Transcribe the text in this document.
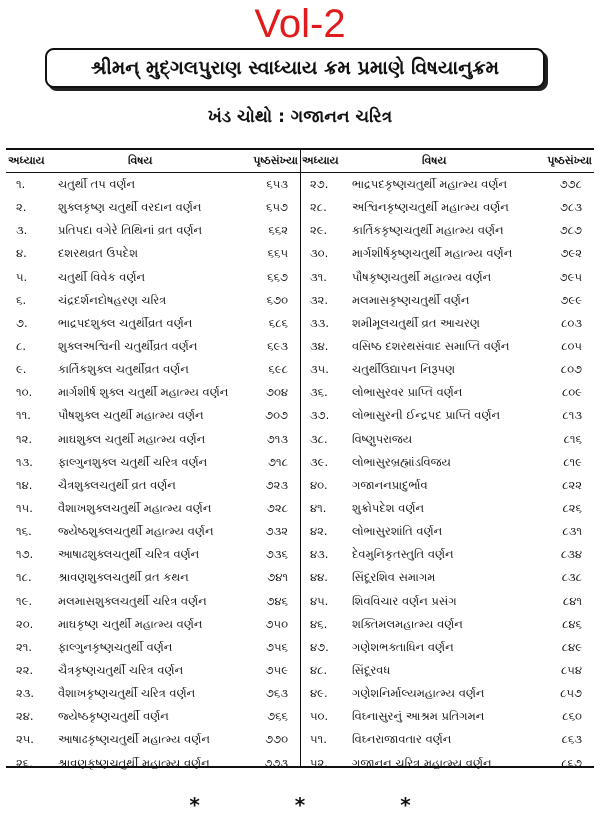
Vol-2
શ્રીમન્ મુદ્ગલપુરાણ સ્વાધ્યાય ક્રમ પ્રમાણે વિષયાનુક્રમ
ખંડ ચોથો : ગજાનન ચરિત્ર
અધ્યાય	વિષય	પૃષ્ઠસંખ્યા
૧.	ચતુર્થી તપ વર્ણન	૬૫૩
૨.	શુક્લકૃષ્ણ ચતુર્થી વરદાન વર્ણન	૬૫૭
૩.	પ્રતિપદા વગેરે તિથિનાં વ્રત વર્ણન	૬૬૨
૪.	દશરથવ્રત ઉપદેશ	૬૬૫
૫.	ચતુર્થી વિવેક વર્ણન	૬૬૭
૬.	ચંદ્રદર્શનદોષહરણ ચરિત્ર	૬૭૦
૭.	ભાદ્રપદશુક્લ ચતુર્થીવ્રત વર્ણન	૬૮૬
૮.	શુક્લઅશ્વિની ચતુર્થીવ્રત વર્ણન	૬૯૩
૯.	કાર્તિકશુક્લ ચતુર્થીવ્રત વર્ણન	૬૯૮
૧૦. માર્ગશીર્ષ શુક્લ ચતુર્થી મહાત્મ્ય વર્ણન	૭૦૪
૧૧. પૌષશુક્લ ચતુર્થી મહાત્મ્ય વર્ણન	૭૦૭
૧૨. માઘશુક્લ ચતુર્થી મહાત્મ્ય વર્ણન	૭૧૩
૧૩. ફાલ્ગુનશુક્લ ચતુર્થી ચરિત્ર વર્ણન	૭૧૮
૧૪. ચૈત્રશુક્લચતુર્થી વ્રત વર્ણન	૭૨૩
૧૫. વૈશાખશુક્લચતુર્થી મહાત્મ્ય વર્ણન	૭૨૮
૧૬. જ્યેષ્ઠશુક્લચતુર્થી મહાત્મ્ય વર્ણન	૭૩૨
૧૭. આષાઢશુક્લચતુર્થી ચરિત્ર વર્ણન	૭૩૬
૧૮. શ્રાવણશુક્લચતુર્થી વ્રત કથન	૭૪૧
૧૯. મલમાસશુક્લચતુર્થી ચરિત્ર વર્ણન	૭૪૬
૨૦. માઘકૃષ્ણ ચતુર્થી મહાત્મ્ય વર્ણન	૭૫૦
૨૧. ફાલ્ગુનકૃષ્ણચતુર્થી વર્ણન	૭૫૬
૨૨. ચૈત્રકૃષ્ણચતુર્થી ચરિત્ર વર્ણન	૭૫૯
૨૩. વૈશાખકૃષ્ણચતુર્થી ચરિત્ર વર્ણન	૭૬૩
૨૪. જ્યેષ્ઠકૃષ્ણચતુર્થી વર્ણન	૭૬૬
૨૫. આષાઢકૃષ્ણચતુર્થી મહાત્મ્ય વર્ણન	૭૭૦
૨૬. શ્રાવણકૃષ્ણચતુર્થી મહાત્મ્ય વર્ણન	૭૭૩
અધ્યાય	વિષય	પૃષ્ઠસંખ્યા
૨૭. ભાદ્રપદકૃષ્ણચતુર્થી મહાત્મ્ય વર્ણન	૭૭૮
૨૮. અશ્વિનકૃષ્ણચતુર્થી મહાત્મ્ય વર્ણન	૭૮૩
૨૯. કાર્તિકકૃષ્ણચતુર્થી મહાત્મ્ય વર્ણન	૭૮૭
૩૦. માર્ગશીર્ષકૃષ્ણચતુર્થી મહાત્મ્ય વર્ણન	૭૯૨
૩૧. પૌષકૃષ્ણચતુર્થી મહાત્મ્ય વર્ણન	૭૯૫
૩૨. મલમાસકૃષ્ણચતુર્થી વર્ણન	૭૯૯
૩૩. શમીમૂલચતુર્થી વ્રત આચરણ	૮૦૩
૩૪. વસિષ્ઠ દશરથસંવાદ સમાપ્તિ વર્ણન	૮૦૫
૩૫. ચતુર્થીઉદ્યાપન નિરૂપણ	૮૦૭
૩૬. લોભાસુરવર પ્રાપ્તિ વર્ણન	૮૦૯
૩૭. લોભાસુરની ઈન્દ્રપદ પ્રાપ્તિ વર્ણન	૮૧૩
૩૮. વિષ્ણુપરાજય	૮૧૬
૩૯. લોભાસુરબ્રહ્માંડવિજય	૮૧૯
૪૦. ગજાનનપ્રાદુર્ભાવ	૮૨૨
૪૧. શુક્રોપદેશ વર્ણન	૮૨૬
૪૨. લોભાસુરશાંતિ વર્ણન	૮૩૧
૪૩. દેવમુનિકૃતસ્તુતિ વર્ણન	૮૩૪
૪૪. સિંદૂરશિવ સમાગમ	૮૩૮
૪૫. શિવવિચાર વર્ણન પ્રસંગ	૮૪૧
૪૬. શક્તિમલમહાત્મ્ય વર્ણન	૮૪૬
૪૭. ગણેશભક્તાધિન વર્ણન	૮૪૯
૪૮. સિંદૂરવધ	૮૫૪
૪૯. ગણેશનિર્માલ્યમહાત્મ્ય વર્ણન	૮૫૭
૫૦. વિઘ્નાસુરનું આશ્રમ પ્રતિગમન	૮૬૦
૫૧. વિઘ્નરાજાવતાર વર્ણન	૮૬૩
૫૨. ગજાનન ચરિત્ર મહાત્મ્ય વર્ણન	૮૬૭
* * *
